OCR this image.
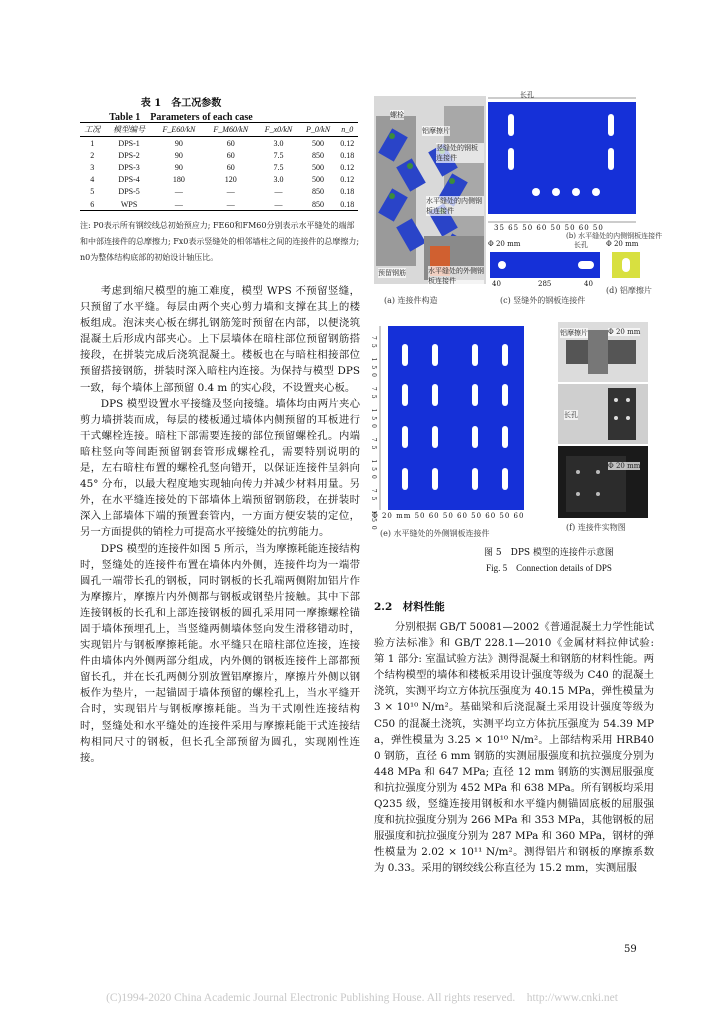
表 1　各工况参数
Table 1　Parameters of each case
工况	模型编号	F_E60/kN	F_M60/kN	F_x0/kN	P_0/kN	n_0
1	DPS-1	90	60	3.0	500	0.12
2	DPS-2	90	60	7.5	850	0.18
3	DPS-3	90	60	7.5	500	0.12
4	DPS-4	180	120	3.0	500	0.12
5	DPS-5	—	—	—	850	0.18
6	WPS	—	—	—	850	0.18
注: P0表示所有钢绞线总初始预应力; FE60和FM60分别表示水平缝处的端部和中部连接件的总摩擦力; Fx0表示竖缝处的相邻墙柱之间的连接件的总摩擦力; n0为整体结构底部的初始设计轴压比。

考虑到缩尺模型的施工难度，模型 WPS 不预留竖缝，只预留了水平缝。每层由两个夹心剪力墙和支撑在其上的楼板组成。泡沫夹心板在绑扎钢筋笼时预留在内部，以便浇筑混凝土后形成内部夹心。上下层墙体在暗柱部位预留钢筋搭接段，在拼装完成后浇筑混凝土。楼板也在与暗柱相接部位预留搭接钢筋，拼装时深入暗柱内连接。为保持与模型 DPS 一致，每个墙体上部预留 0.4 m 的实心段，不设置夹心板。

DPS 模型设置水平接缝及竖向接缝。墙体均由两片夹心剪力墙拼装而成，每层的楼板通过墙体内侧预留的耳板进行干式螺栓连接。暗柱下部需要连接的部位预留螺栓孔。内端暗柱竖向等间距预留钢套管形成螺栓孔，需要特别说明的是，左右暗柱布置的螺栓孔竖向错开，以保证连接件呈斜向 45° 分布，以最大程度地实现轴向传力并减少材料用量。另外，在水平缝连接处的下部墙体上端预留钢筋段，在拼装时深入上部墙体下端的预置套管内，一方面方便安装的定位，另一方面提供的销栓力可提高水平接缝处的抗剪能力。

DPS 模型的连接件如图 5 所示，当为摩擦耗能连接结构时，竖缝处的连接件布置在墙体内外侧，连接件均为一端带圆孔一端带长孔的钢板，同时钢板的长孔端两侧附加铝片作为摩擦片，摩擦片内外侧都与钢板或钢垫片接触。其中下部连接钢板的长孔和上部连接钢板的圆孔采用同一摩擦螺栓锚固于墙体预埋孔上，当竖缝两侧墙体竖向发生滑移错动时，实现铝片与钢板摩擦耗能。水平缝只在暗柱部位连接，连接件由墙体内外侧两部分组成，内外侧的钢板连接件上部都预留长孔，并在长孔两侧分别放置铝摩擦片，摩擦片外侧以钢板作为垫片，一起锚固于墙体预留的螺栓孔上，当水平缝开合时，实现铝片与钢板摩擦耗能。当为干式刚性连接结构时，竖缝处和水平缝处的连接件采用与摩擦耗能干式连接结构相同尺寸的钢板，但长孔全部预留为圆孔，实现刚性连接。

螺栓
铝摩擦片
竖缝处的钢板连接件
水平缝处的内侧钢板连接件
预留钢筋	水平缝处的外侧钢板连接件
长孔
35 65 50 60 50 50 60 50
Φ 20 mm	长孔
40	285	40
Φ 20 mm
(a) 连接件构造	(c) 竖缝外的钢板连接件
(d) 铝摩擦片
(b) 水平缝处的内侧钢板连接件
Φ 20 mm 50 60 50 60 50 60 50 60
75 150 75 150 75 150 75 150
铝摩擦片	Φ 20 mm
长孔
Φ 20 mm
(e) 水平缝处的外侧钢板连接件
(f) 连接件实物图
图 5　DPS 模型的连接件示意图
Fig. 5　Connection details of DPS
2.2　材料性能

分别根据 GB/T 50081—2002《普通混凝土力学性能试验方法标准》和 GB/T 228.1—2010《金属材料拉伸试验: 第 1 部分: 室温试验方法》测得混凝土和钢筋的材料性能。两个结构模型的墙体和楼板采用设计强度等级为 C40 的混凝土浇筑，实测平均立方体抗压强度为 40.15 MPa，弹性模量为 3 × 10¹⁰ N/m²。基础梁和后浇混凝土采用设计强度等级为 C50 的混凝土浇筑，实测平均立方体抗压强度为 54.39 MPa，弹性模量为 3.25 × 10¹⁰ N/m²。上部结构采用 HRB400 钢筋，直径 6 mm 钢筋的实测屈服强度和抗拉强度分别为 448 MPa 和 647 MPa; 直径 12 mm 钢筋的实测屈服强度和抗拉强度分别为 452 MPa 和 638 MPa。所有钢板均采用 Q235 级，竖缝连接用钢板和水平缝内侧锚固底板的屈服强度和抗拉强度分别为 266 MPa 和 353 MPa，其他钢板的屈服强度和抗拉强度分别为 287 MPa 和 360 MPa，钢材的弹性模量为 2.02 × 10¹¹ N/m²。测得铝片和钢板的摩擦系数为 0.33。采用的钢绞线公称直径为 15.2 mm，实测屈服

59
(C)1994-2020 China Academic Journal Electronic Publishing House. All rights reserved.　http://www.cnki.net
